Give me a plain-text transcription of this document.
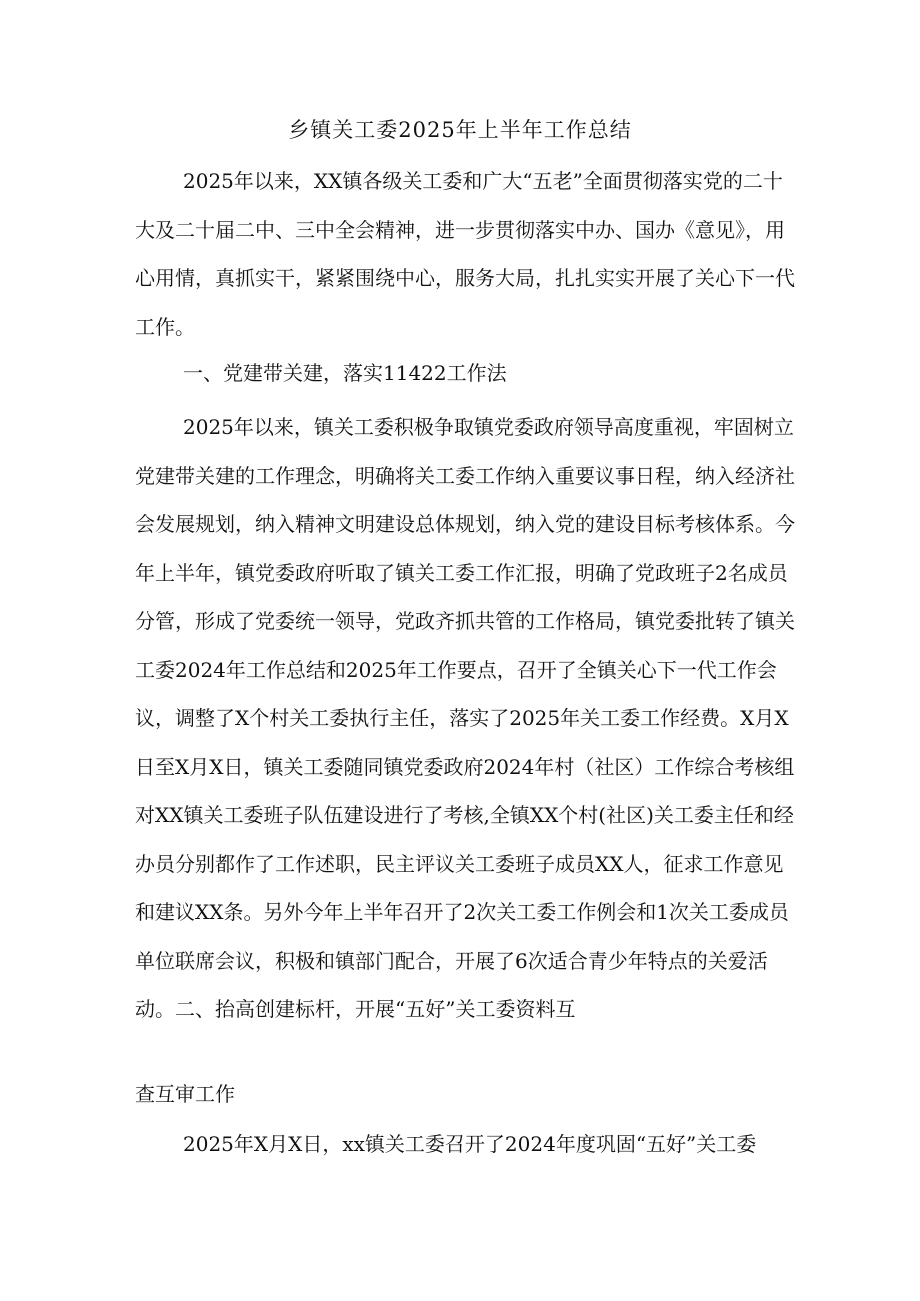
乡镇关工委2025年上半年工作总结

2025年以来，XX镇各级关工委和广大“五老”全面贯彻落实党的二十大及二十届二中、三中全会精神，进一步贯彻落实中办、国办《意见》，用心用情，真抓实干，紧紧围绕中心，服务大局，扎扎实实开展了关心下一代工作。

一、党建带关建，落实11422工作法

2025年以来，镇关工委积极争取镇党委政府领导高度重视，牢固树立党建带关建的工作理念，明确将关工委工作纳入重要议事日程，纳入经济社会发展规划，纳入精神文明建设总体规划，纳入党的建设目标考核体系。今年上半年，镇党委政府听取了镇关工委工作汇报，明确了党政班子2名成员分管，形成了党委统一领导，党政齐抓共管的工作格局，镇党委批转了镇关工委2024年工作总结和2025年工作要点，召开了全镇关心下一代工作会议，调整了X个村关工委执行主任，落实了2025年关工委工作经费。X月X日至X月X日，镇关工委随同镇党委政府2024年村（社区）工作综合考核组对XX镇关工委班子队伍建设进行了考核,全镇XX个村(社区)关工委主任和经办员分别都作了工作述职，民主评议关工委班子成员XX人，征求工作意见和建议XX条。另外今年上半年召开了2次关工委工作例会和1次关工委成员单位联席会议，积极和镇部门配合，开展了6次适合青少年特点的关爱活动。二、抬高创建标杆，开展“五好”关工委资料互

查互审工作

2025年X月X日，xx镇关工委召开了2024年度巩固“五好”关工委
